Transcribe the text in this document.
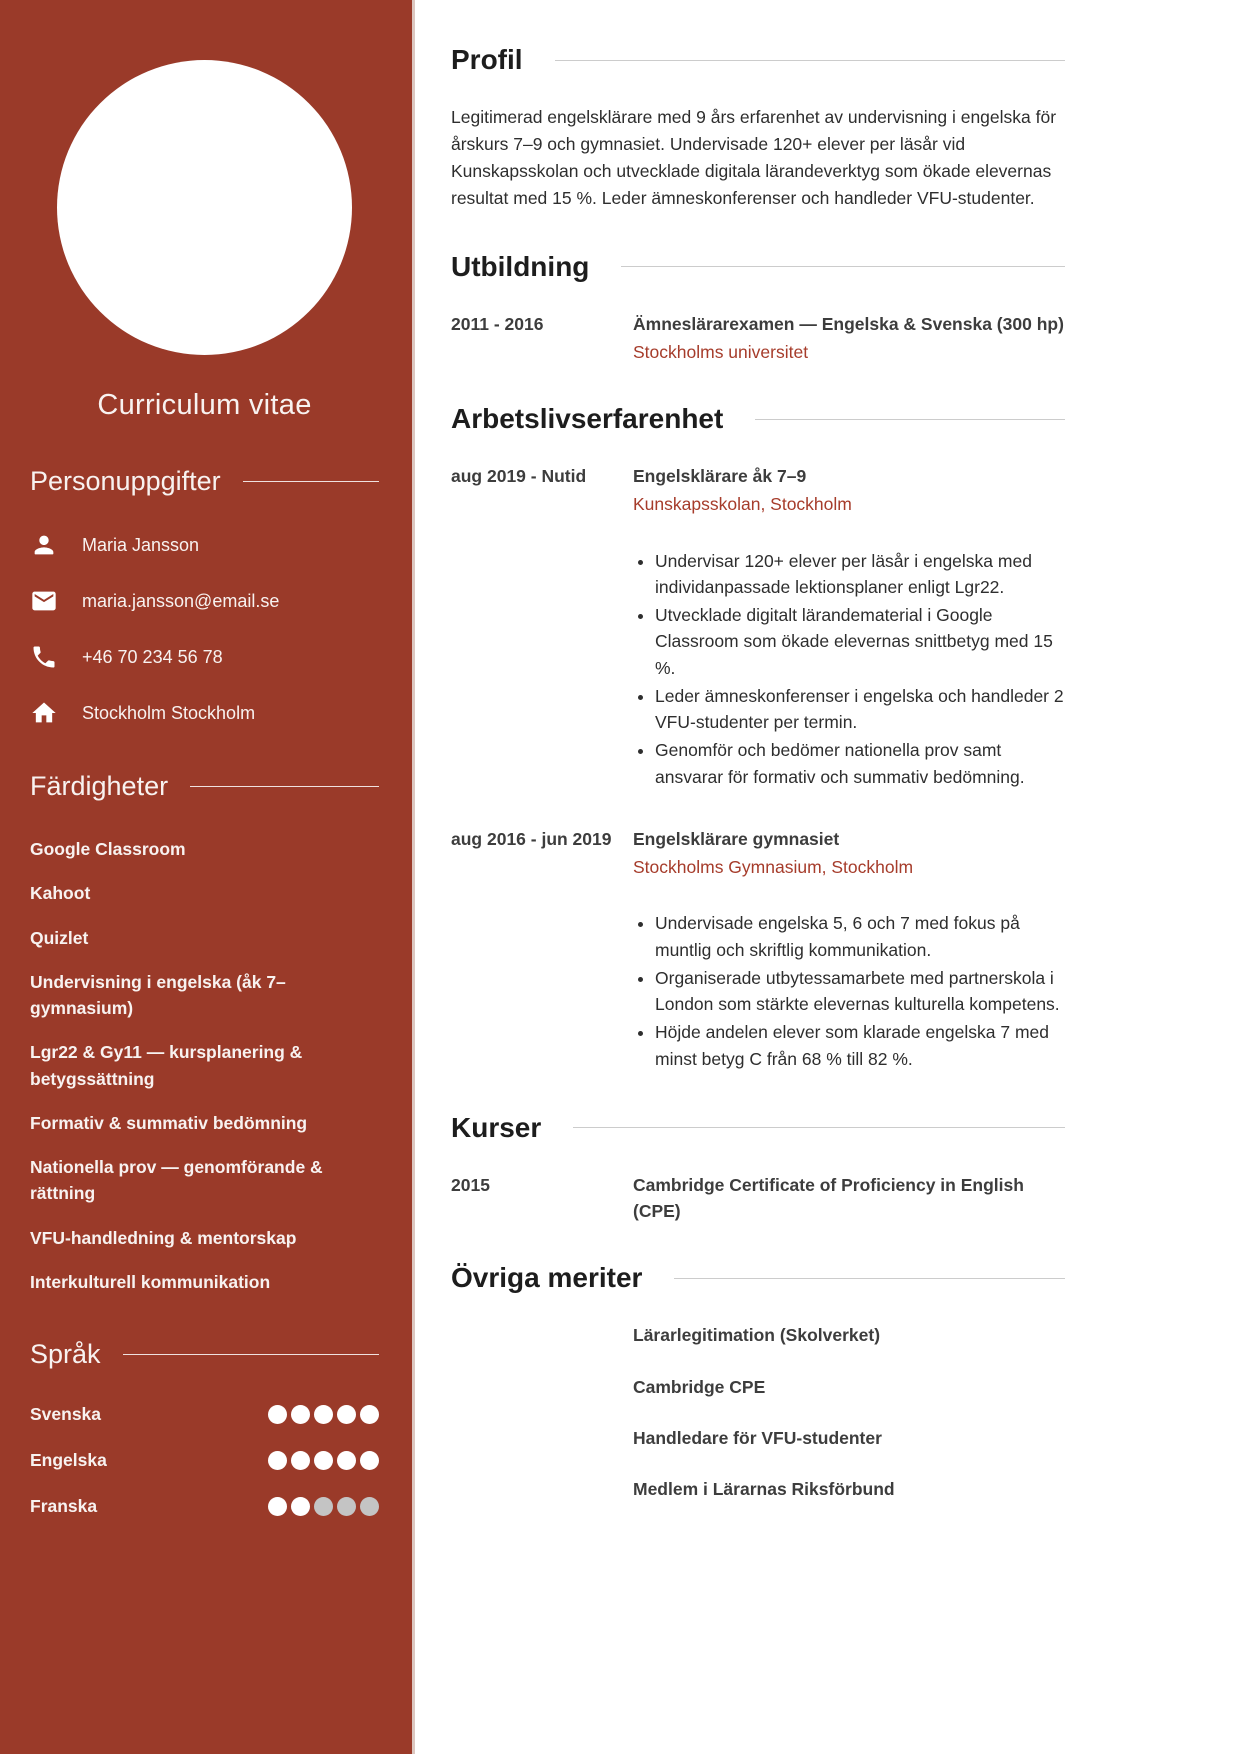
Curriculum vitae
Personuppgifter
Maria Jansson
maria.jansson@email.se
+46 70 234 56 78
Stockholm Stockholm
Färdigheter
Google Classroom
Kahoot
Quizlet
Undervisning i engelska (åk 7–gymnasium)
Lgr22 & Gy11 — kursplanering & betygssättning
Formativ & summativ bedömning
Nationella prov — genomförande & rättning
VFU-handledning & mentorskap
Interkulturell kommunikation
Språk
Svenska
Engelska
Franska
Profil

Legitimerad engelsklärare med 9 års erfarenhet av undervisning i engelska för årskurs 7–9 och gymnasiet. Undervisade 120+ elever per läsår vid Kunskapsskolan och utvecklade digitala lärandeverktyg som ökade elevernas resultat med 15 %. Leder ämneskonferenser och handleder VFU-studenter.

Utbildning
2011 - 2016	Ämneslärarexamen — Engelska & Svenska (300 hp)
Stockholms universitet
Arbetslivserfarenhet
aug 2019 - Nutid	Engelsklärare åk 7–9
Kunskapsskolan, Stockholm
• Undervisar 120+ elever per läsår i engelska med individanpassade lektionsplaner enligt Lgr22.
• Utvecklade digitalt lärandematerial i Google Classroom som ökade elevernas snittbetyg med 15 %.
• Leder ämneskonferenser i engelska och handleder 2 VFU-studenter per termin.
• Genomför och bedömer nationella prov samt ansvarar för formativ och summativ bedömning.
aug 2016 - jun 2019	Engelsklärare gymnasiet
Stockholms Gymnasium, Stockholm
• Undervisade engelska 5, 6 och 7 med fokus på muntlig och skriftlig kommunikation.
• Organiserade utbytessamarbete med partnerskola i London som stärkte elevernas kulturella kompetens.
• Höjde andelen elever som klarade engelska 7 med minst betyg C från 68 % till 82 %.
Kurser
2015	Cambridge Certificate of Proficiency in English (CPE)
Övriga meriter
Lärarlegitimation (Skolverket)
Cambridge CPE
Handledare för VFU-studenter
Medlem i Lärarnas Riksförbund
